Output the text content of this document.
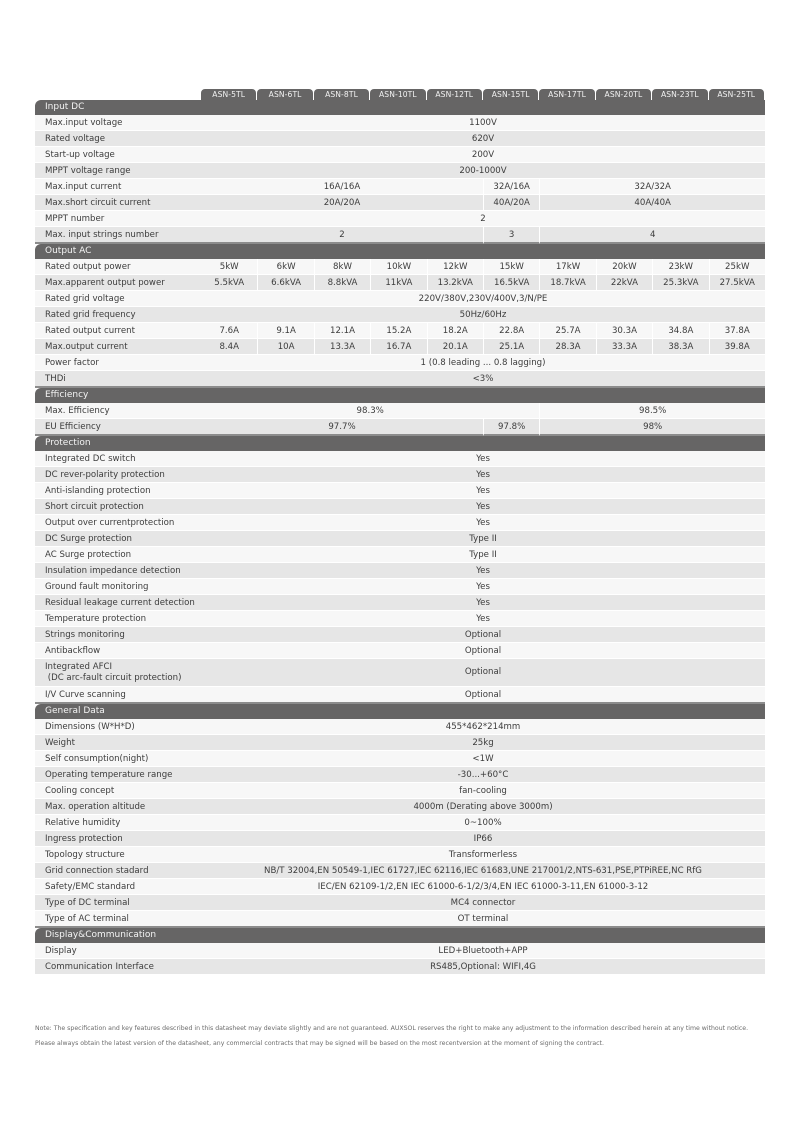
	ASN-5TL	ASN-6TL	ASN-8TL	ASN-10TL	ASN-12TL	ASN-15TL	ASN-17TL	ASN-20TL	ASN-23TL	ASN-25TL

Input DC										
Max.input voltage	1100V									
Rated voltage	620V									
Start-up voltage	200V									
MPPT voltage range	200-1000V									
Max.input current	16A/16A					32A/16A	32A/32A			
Max.short circuit current	20A/20A					40A/20A	40A/40A			
MPPT number	2									
Max. input strings number	2					3	4			
Output AC										
Rated output power	5kW	6kW	8kW	10kW	12kW	15kW	17kW	20kW	23kW	25kW
Max.apparent output power	5.5kVA	6.6kVA	8.8kVA	11kVA	13.2kVA	16.5kVA	18.7kVA	22kVA	25.3kVA	27.5kVA
Rated grid voltage	220V/380V,230V/400V,3/N/PE									
Rated grid frequency	50Hz/60Hz									
Rated output current	7.6A	9.1A	12.1A	15.2A	18.2A	22.8A	25.7A	30.3A	34.8A	37.8A
Max.output current	8.4A	10A	13.3A	16.7A	20.1A	25.1A	28.3A	33.3A	38.3A	39.8A
Power factor	1 (0.8 leading ... 0.8 lagging)									
THDi	<3%									
Efficiency										
Max. Efficiency	98.3%						98.5%			
EU Efficiency	97.7%					97.8%	98%			
Protection										
Integrated DC switch	Yes									
DC rever-polarity protection	Yes									
Anti-islanding protection	Yes									
Short circuit protection	Yes									
Output over currentprotection	Yes									
DC Surge protection	Type II									
AC Surge protection	Type II									
Insulation impedance detection	Yes									
Ground fault monitoring	Yes									
Residual leakage current detection	Yes									
Temperature protection	Yes									
Strings monitoring	Optional									
Antibackflow	Optional									
Integrated AFCI
(DC arc-fault circuit protection)	Optional									
I/V Curve scanning	Optional									
General Data										
Dimensions (W*H*D)	455*462*214mm									
Weight	25kg									
Self consumption(night)	<1W									
Operating temperature range	-30...+60°C									
Cooling concept	fan-cooling									
Max. operation altitude	4000m (Derating above 3000m)									
Relative humidity	0~100%									
Ingress protection	IP66									
Topology structure	Transformerless									
Grid connection stadard	NB/T 32004,EN 50549-1,IEC 61727,IEC 62116,IEC 61683,UNE 217001/2,NTS-631,PSE,PTPiREE,NC RfG									
Safety/EMC standard	IEC/EN 62109-1/2,EN IEC 61000-6-1/2/3/4,EN IEC 61000-3-11,EN 61000-3-12									
Type of DC terminal	MC4 connector									
Type of AC terminal	OT terminal									
Display&Communication										
Display	LED+Bluetooth+APP									
Communication Interface	RS485,Optional: WIFI,4G									
Note: The specification and key features described in this datasheet may deviate slightly and are not guaranteed. AUXSOL reserves the right to make any adjustment to the information described herein at any time without notice. Please always obtain the latest version of the datasheet, any commercial contracts that may be signed will be based on the most recentversion at the moment of signing the contract.
